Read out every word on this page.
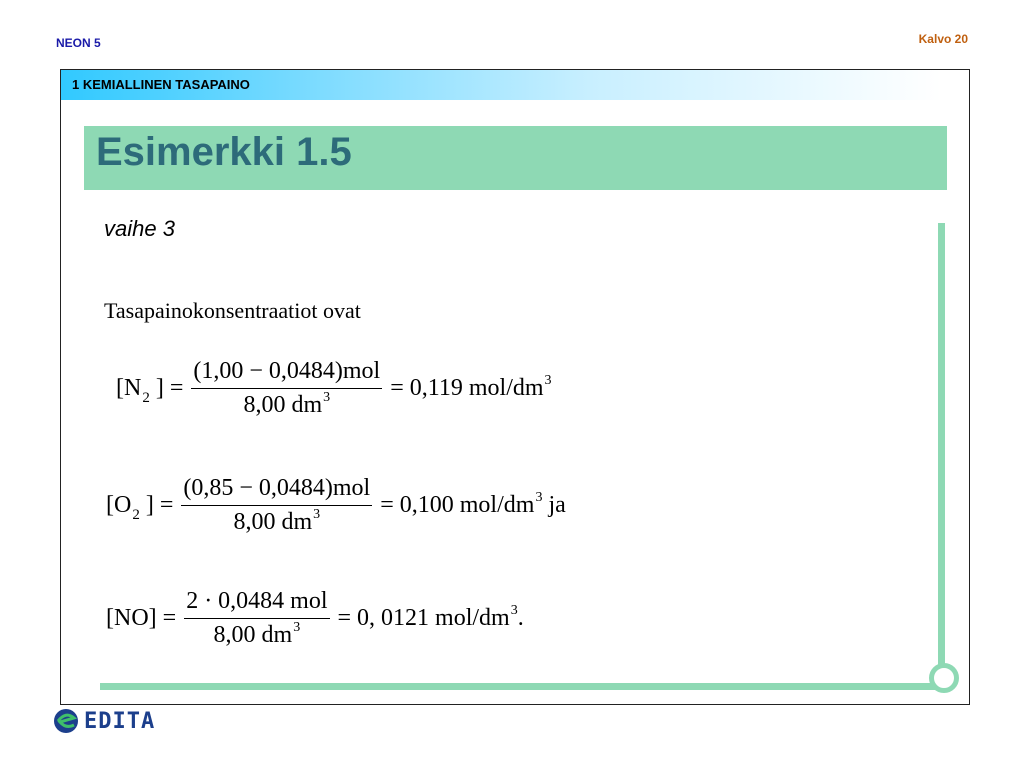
NEON 5	Kalvo 20
1 KEMIALLINEN TASAPAINO
Esimerkki 1.5
vaihe 3
Tasapainokonsentraatiot ovat
[$N_2$ ] = $\frac{\text{(1,00 − 0,0484)mol}}{8,00 dm^3} = 0,119$ mol/$dm^3$
[$O_2$ ] = $\frac{\text{(0,85 − 0,0484)mol}}{8,00 dm^3} = 0,100$ mol/$dm^3$ ja
$[NO] = \frac{\text{2 · 0,0484 mol}}{8,00 dm^3} = 0$, 0121 mol/$dm^3$.
EDITA
